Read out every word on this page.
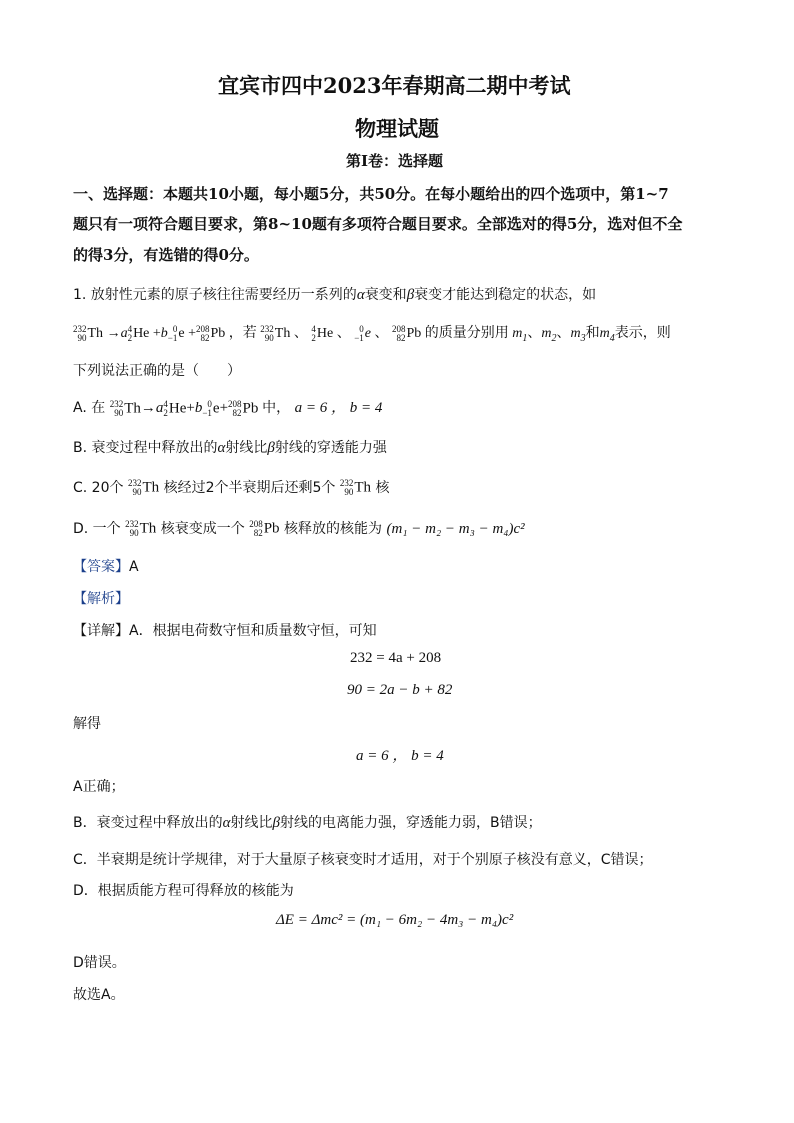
宜宾市四中2023年春期高二期中考试
物理试题
第I卷：选择题
一、选择题：本题共10小题，每小题5分，共50分。在每小题给出的四个选项中，第1~7
题只有一项符合题目要求，第8~10题有多项符合题目要求。全部选对的得5分，选对但不全
的得3分，有选错的得0分。
1. 放射性元素的原子核往往需要经历一系列的α衰变和β衰变才能达到稳定的状态，如
232
90 Th →a 4
2 He +b 0
−1 e + 208
82 Pb ，若 232
90 Th 、 4
2 He 、 0
−1 e 、 208
82 Pb 的质量分别用 $m_1$、$m_2$、$m_3$和$m_4$表示，则
下列说法正确的是（　　）
A. 在 232
90 Th→a 4
2 He+b 0
−1 e+ 208
82 Pb 中， a = 6 ， b = 4
B. 衰变过程中释放出的α射线比β射线的穿透能力强
C. 20个 232
90 Th 核经过2个半衰期后还剩5个 232
90 Th 核
D. 一个 232
90 Th 核衰变成一个 208
82 Pb 核释放的核能为 (m₁ − m₂ − m₃ − m₄)c²
【答案】A
【解析】
【详解】A．根据电荷数守恒和质量数守恒，可知
232 = 4a + 208
90 = 2a − b + 82
解得
a = 6 ， b = 4
A正确；
B．衰变过程中释放出的α射线比β射线的电离能力强，穿透能力弱，B错误；
C．半衰期是统计学规律，对于大量原子核衰变时才适用，对于个别原子核没有意义，C错误；
D．根据质能方程可得释放的核能为
ΔE = Δmc² = (m₁ − 6m₂ − 4m₃ − m₄)c²
D错误。
故选A。
